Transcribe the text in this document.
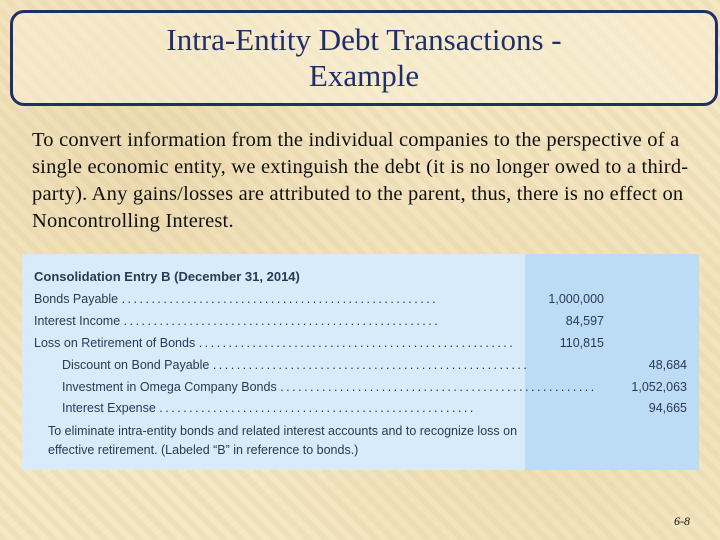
Intra-Entity Debt Transactions -
Example
To convert information from the individual companies to the perspective of a single economic entity, we extinguish the debt (it is no longer owed to a third-party). Any gains/losses are attributed to the parent, thus, there is no effect on Noncontrolling Interest.
Consolidation Entry B (December 31, 2014)
Bonds Payable .....................................................	1,000,000
Interest Income .....................................................	84,597
Loss on Retirement of Bonds .....................................................	110,815
Discount on Bond Payable .....................................................	48,684
Investment in Omega Company Bonds .....................................................	1,052,063
Interest Expense .....................................................	94,665
To eliminate intra-entity bonds and related interest accounts and to recognize loss on effective retirement. (Labeled “B” in reference to bonds.)
6-8
